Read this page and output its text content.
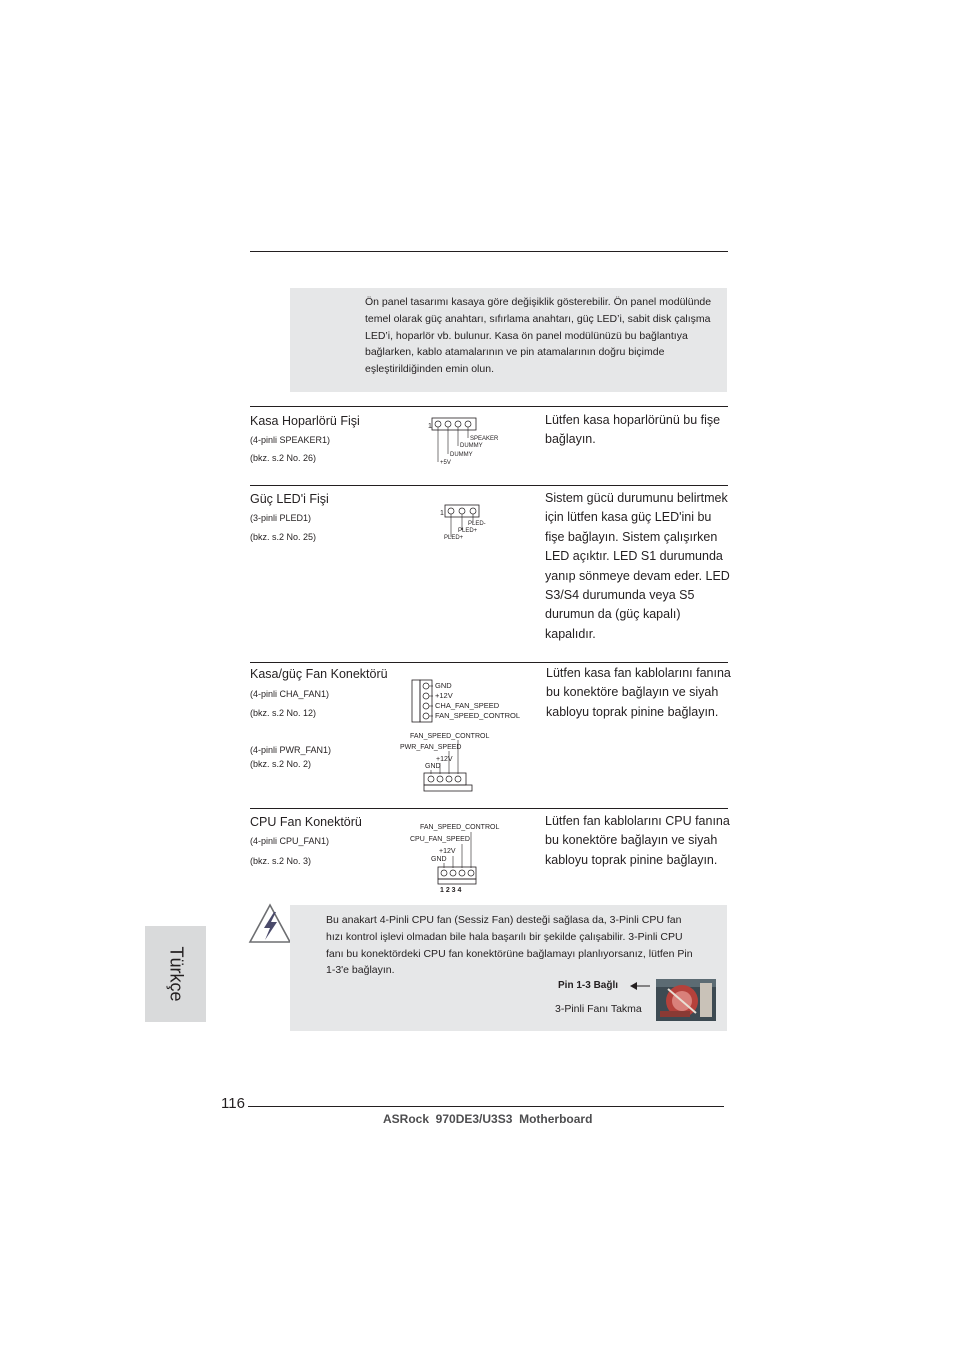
Ön panel tasarımı kasaya göre değişiklik gösterebilir. Ön panel modülünde temel olarak güç anahtarı, sıfırlama anahtarı, güç LED’i, sabit disk çalışma LED’i, hoparlör vb. bulunur. Kasa ön panel modülünüzü bu bağlantıya bağlarken, kablo atamalarının ve pin atamalarının doğru biçimde eşleştirildiğinden emin olun.
Kasa Hoparlörü Fişi
(4-pinli SPEAKER1)
(bkz. s.2 No. 26)
Lütfen kasa hoparlörünü bu fişe bağlayın.
1
SPEAKER
DUMMY
DUMMY
+5V
Güç LED'i Fişi
(3-pinli PLED1)
(bkz. s.2 No. 25)
Sistem gücü durumunu belirtmek için lütfen kasa güç LED'ini bu fişe bağlayın. Sistem çalışırken LED açıktır. LED S1 durumunda yanıp sönmeye devam eder. LED S3/S4 durumunda veya S5 durumun da (güç kapalı) kapalıdır.
1
PLED-
PLED+
PLED+
Kasa/güç Fan Konektörü
(4-pinli CHA_FAN1)
(bkz. s.2 No. 12)
(4-pinli PWR_FAN1)
(bkz. s.2 No. 2)
Lütfen kasa fan kablolarını fanına bu konektöre bağlayın ve siyah kabloyu toprak pinine bağlayın.
GND
+12V
CHA_FAN_SPEED
FAN_SPEED_CONTROL
FAN_SPEED_CONTROL
PWR_FAN_SPEED
+12V
GND
CPU Fan Konektörü
(4-pinli CPU_FAN1)
(bkz. s.2 No. 3)
Lütfen fan kablolarını CPU fanına bu konektöre bağlayın ve siyah kabloyu toprak pinine bağlayın.
FAN_SPEED_CONTROL
CPU_FAN_SPEED
+12V
GND
1 2 3 4
Bu anakart 4-Pinli CPU fan (Sessiz Fan) desteği sağlasa da, 3-Pinli CPU fan hızı kontrol işlevi olmadan bile hala başarılı bir şekilde çalışabilir. 3-Pinli CPU fanı bu konektördeki CPU fan konektörüne bağlamayı planlıyorsanız, lütfen Pin 1-3'e bağlayın.
Pin 1-3 Bağlı
3-Pinli Fanı Takma
Türkçe
116
ASRock  970DE3/U3S3  Motherboard
